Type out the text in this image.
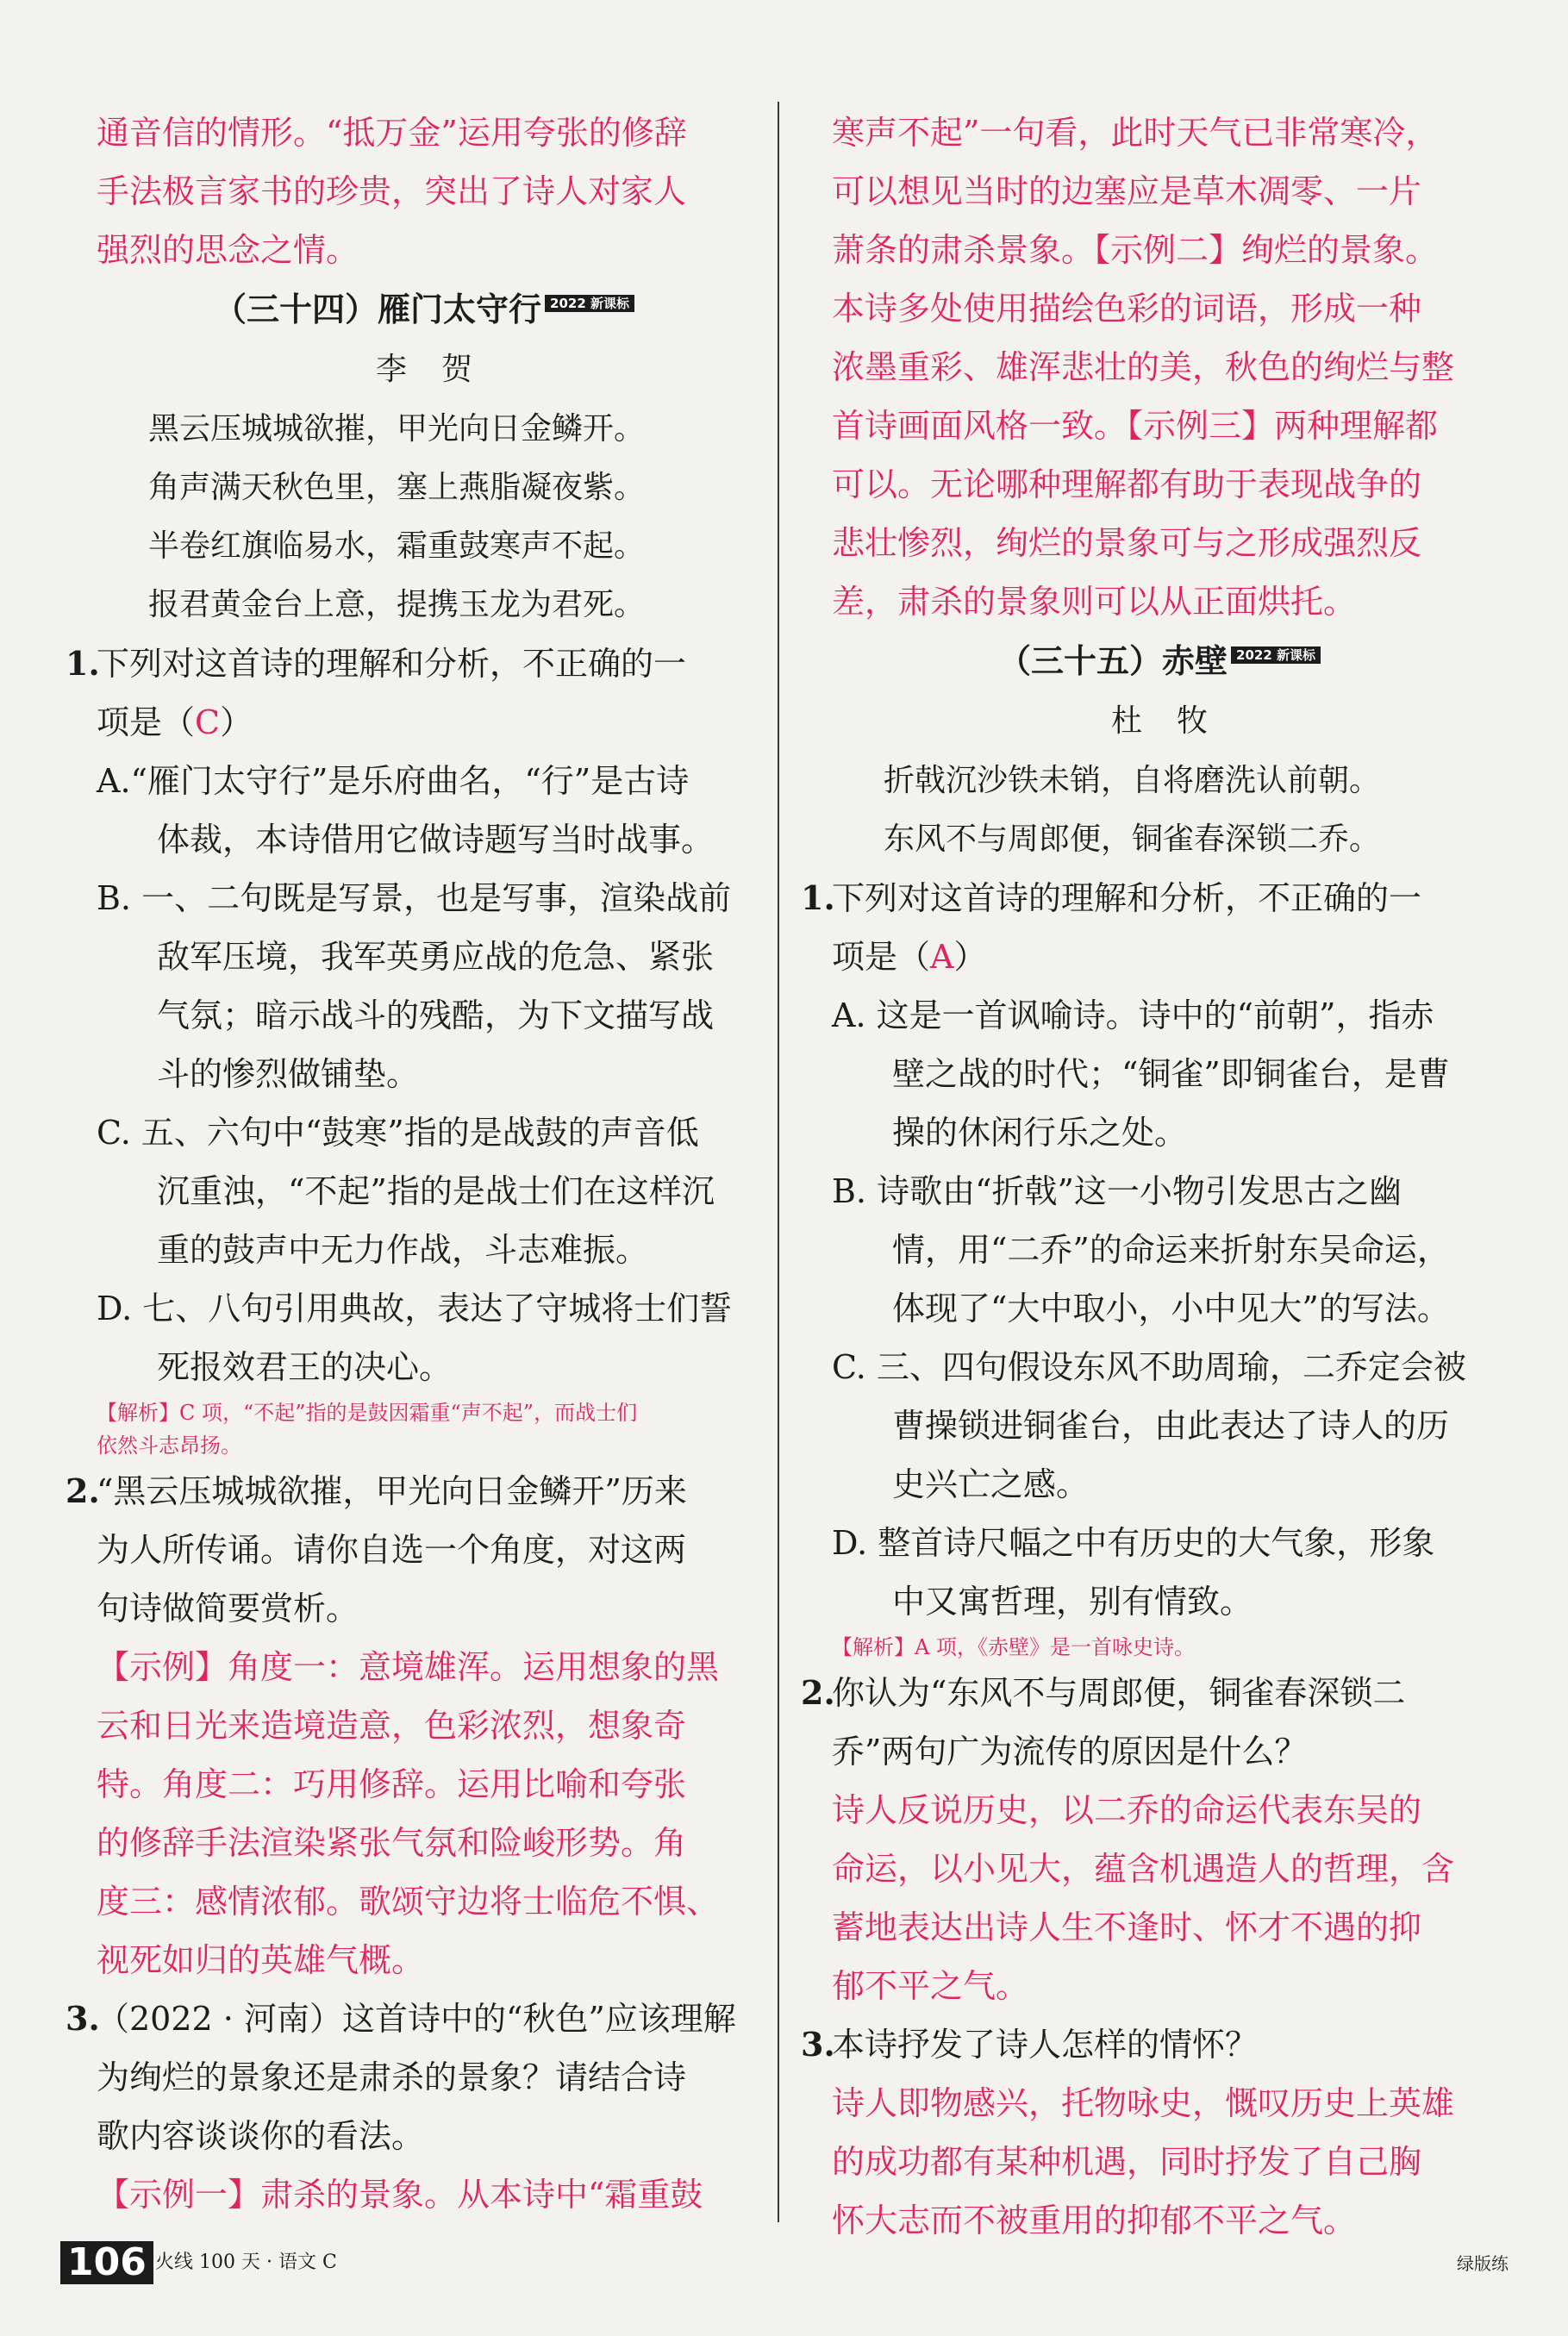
通音信的情形。“抵万金”运用夸张的修辞
手法极言家书的珍贵，突出了诗人对家人
强烈的思念之情。
（三十四）雁门太守行 2022 新课标
李贺
黑云压城城欲摧，甲光向日金鳞开。
角声满天秋色里，塞上燕脂凝夜紫。
半卷红旗临易水，霜重鼓寒声不起。
报君黄金台上意，提携玉龙为君死。
1.
下列对这首诗的理解和分析，不正确的一
项是（C）
A.“雁门太守行”是乐府曲名，“行”是古诗
体裁，本诗借用它做诗题写当时战事。
B. 一、二句既是写景，也是写事，渲染战前
敌军压境，我军英勇应战的危急、紧张
气氛；暗示战斗的残酷，为下文描写战
斗的惨烈做铺垫。
C. 五、六句中“鼓寒”指的是战鼓的声音低
沉重浊，“不起”指的是战士们在这样沉
重的鼓声中无力作战，斗志难振。
D. 七、八句引用典故，表达了守城将士们誓
死报效君王的决心。
【解析】C 项，“不起”指的是鼓因霜重“声不起”，而战士们
依然斗志昂扬。
2.
“黑云压城城欲摧，甲光向日金鳞开”历来
为人所传诵。请你自选一个角度，对这两
句诗做简要赏析。
【示例】角度一：意境雄浑。运用想象的黑
云和日光来造境造意，色彩浓烈，想象奇
特。角度二：巧用修辞。运用比喻和夸张
的修辞手法渲染紧张气氛和险峻形势。角
度三：感情浓郁。歌颂守边将士临危不惧、
视死如归的英雄气概。
3.
（2022 · 河南）这首诗中的“秋色”应该理解
为绚烂的景象还是肃杀的景象？请结合诗
歌内容谈谈你的看法。
【示例一】肃杀的景象。从本诗中“霜重鼓
寒声不起”一句看，此时天气已非常寒冷，
可以想见当时的边塞应是草木凋零、一片
萧条的肃杀景象。【示例二】绚烂的景象。
本诗多处使用描绘色彩的词语，形成一种
浓墨重彩、雄浑悲壮的美，秋色的绚烂与整
首诗画面风格一致。【示例三】两种理解都
可以。无论哪种理解都有助于表现战争的
悲壮惨烈，绚烂的景象可与之形成强烈反
差，肃杀的景象则可以从正面烘托。
（三十五）赤壁 2022 新课标
杜牧
折戟沉沙铁未销，自将磨洗认前朝。
东风不与周郎便，铜雀春深锁二乔。
1.
下列对这首诗的理解和分析，不正确的一
项是（A）
A. 这是一首讽喻诗。诗中的“前朝”，指赤
壁之战的时代；“铜雀”即铜雀台，是曹
操的休闲行乐之处。
B. 诗歌由“折戟”这一小物引发思古之幽
情，用“二乔”的命运来折射东吴命运，
体现了“大中取小，小中见大”的写法。
C. 三、四句假设东风不助周瑜，二乔定会被
曹操锁进铜雀台，由此表达了诗人的历
史兴亡之感。
D. 整首诗尺幅之中有历史的大气象，形象
中又寓哲理，别有情致。
【解析】A 项，《赤壁》是一首咏史诗。
2.
你认为“东风不与周郎便，铜雀春深锁二
乔”两句广为流传的原因是什么？
诗人反说历史，以二乔的命运代表东吴的
命运，以小见大，蕴含机遇造人的哲理，含
蓄地表达出诗人生不逢时、怀才不遇的抑
郁不平之气。
3.
本诗抒发了诗人怎样的情怀？
诗人即物感兴，托物咏史，慨叹历史上英雄
的成功都有某种机遇，同时抒发了自己胸
怀大志而不被重用的抑郁不平之气。
106 火线 100 天 · 语文 C	绿版练
